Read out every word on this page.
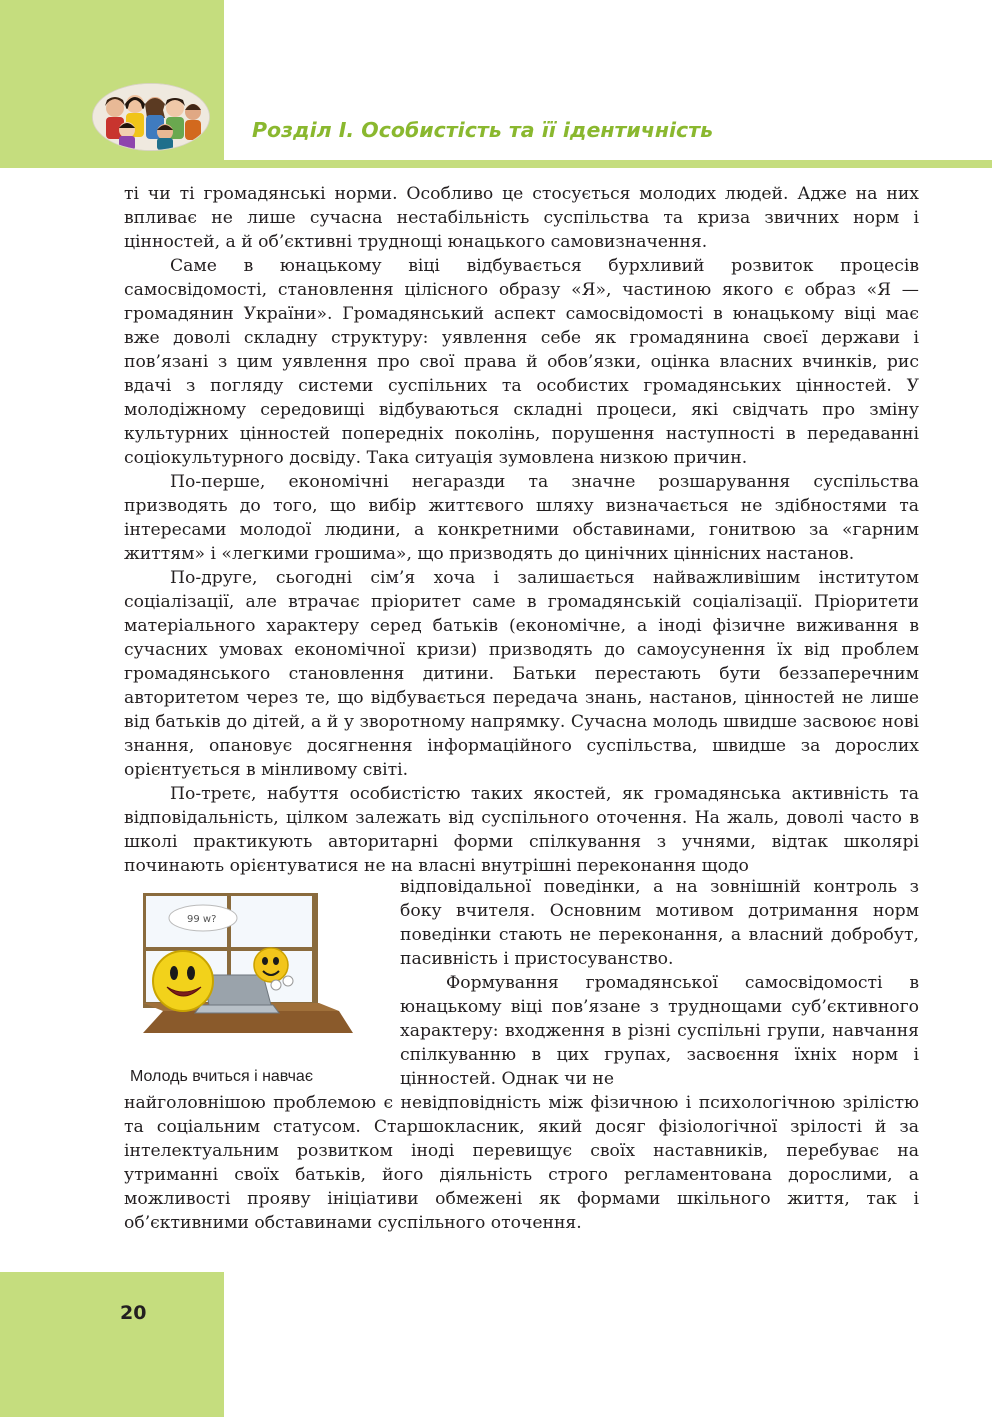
Розділ І. Особистість та її ідентичність

ті чи ті громадянські норми. Особливо це стосується молодих людей. Адже на них впливає не лише сучасна нестабільність суспільства та криза звичних норм і цінностей, а й об’єктивні труднощі юнацького самовизначення.

Саме в юнацькому віці відбувається бурхливий розвиток процесів самосвідомості, становлення цілісного образу «Я», частиною якого є образ «Я — громадянин України». Громадянський аспект самосвідомості в юнацькому віці має вже доволі складну структуру: уявлення себе як громадянина своєї держави і пов’язані з цим уявлення про свої права й обов’язки, оцінка власних вчинків, рис вдачі з погляду системи суспільних та особистих громадянських цінностей. У молодіжному середовищі відбуваються складні процеси, які свідчать про зміну культурних цінностей попередніх поколінь, порушення наступності в передаванні соціокультурного досвіду. Така ситуація зумовлена низкою причин.

По-перше, економічні негаразди та значне розшарування суспільства призводять до того, що вибір життєвого шляху визначається не здібностями та інтересами молодої людини, а конкретними обставинами, гонитвою за «гарним життям» і «легкими грошима», що призводять до цинічних ціннісних настанов.

По-друге, сьогодні сім’я хоча і залишається найважливішим інститутом соціалізації, але втрачає пріоритет саме в громадянській соціалізації. Пріоритети матеріального характеру серед батьків (економічне, а іноді фізичне виживання в сучасних умовах економічної кризи) призводять до самоусунення їх від проблем громадянського становлення дитини. Батьки перестають бути беззаперечним авторитетом через те, що відбувається передача знань, настанов, цінностей не лише від батьків до дітей, а й у зворотному напрямку. Сучасна молодь швидше засвоює нові знання, опановує досягнення інформаційного суспільства, швидше за дорослих орієнтується в мінливому світі.

По-третє, набуття особистістю таких якостей, як громадянська активність та відповідальність, цілком залежать від суспільного оточення. На жаль, доволі часто в школі практикують авторитарні форми спілкування з учнями, відтак школярі починають орієнтуватися не на власні внутрішні переконання щодо

відповідальної поведінки, а на зовнішній контроль з боку вчителя. Основним мотивом дотримання норм поведінки стають не переконання, а власний добробут, пасивність і пристосуванство.

Формування громадянської самосвідомості в юнацькому віці пов’язане з труднощами суб’єктивного характеру: входження в різні суспільні групи, навчання спілкуванню в цих групах, засвоєння їхніх норм і цінностей. Однак чи не

найголовнішою проблемою є невідповідність між фізичною і психологічною зрілістю та соціальним статусом. Старшокласник, який досяг фізіологічної зрілості й за інтелектуальним розвитком іноді перевищує своїх наставників, перебуває на утриманні своїх батьків, його діяльність строго регламентована дорослими, а можливості прояву ініціативи обмежені як формами шкільного життя, так і об’єктивними обставинами суспільного оточення.

99 w?
Молодь вчиться і навчає
20
